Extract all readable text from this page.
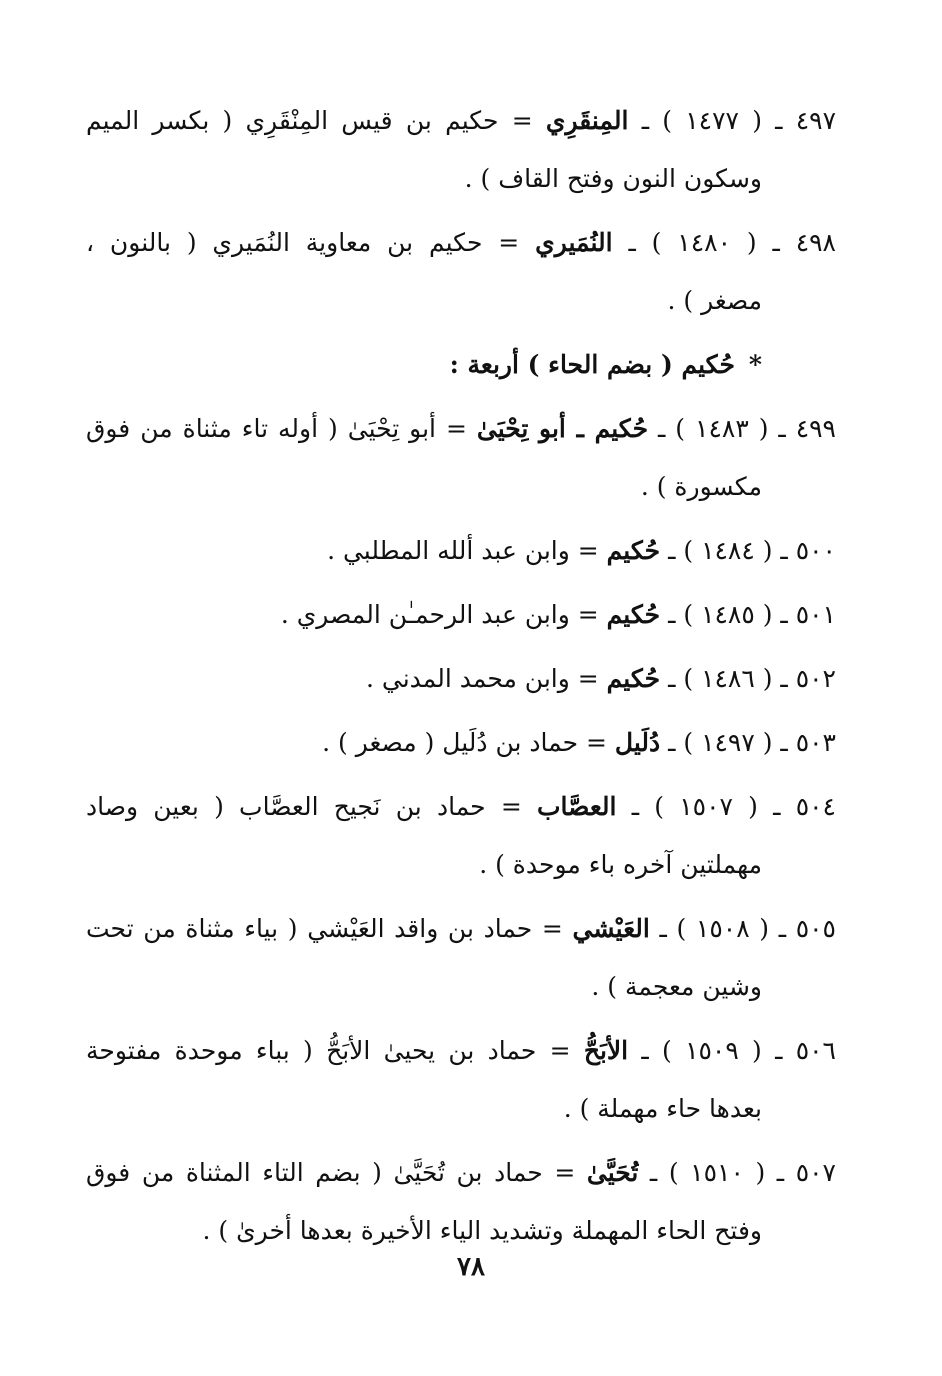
٤٩٧ ـ ( ١٤٧٧ ) ـ المِنقَرِي = حكيم بن قيس المِنْقَرِي ( بكسر الميم
وسكون النون وفتح القاف ) .
٤٩٨ ـ ( ١٤٨٠ ) ـ النُمَيري = حكيم بن معاوية النُمَيري ( بالنون ،
مصغر ) .
*حُكيم ( بضم الحاء ) أربعة :
٤٩٩ ـ ( ١٤٨٣ ) ـ حُكيم ـ أبو تِحْيَىٰ = أبو تِحْيَىٰ ( أوله تاء مثناة من فوق
مكسورة ) .
٥٠٠ ـ ( ١٤٨٤ ) ـ حُكيم = وابن عبد ألله المطلبي .
٥٠١ ـ ( ١٤٨٥ ) ـ حُكيم = وابن عبد الرحمـٰن المصري .
٥٠٢ ـ ( ١٤٨٦ ) ـ حُكيم = وابن محمد المدني .
٥٠٣ ـ ( ١٤٩٧ ) ـ دُلَيل = حماد بن دُلَيل ( مصغر ) .
٥٠٤ ـ ( ١٥٠٧ ) ـ العصَّاب = حماد بن نَجيح العصَّاب ( بعين وصاد
مهملتين آخره باء موحدة ) .
٥٠٥ ـ ( ١٥٠٨ ) ـ العَيْشي = حماد بن واقد العَيْشي ( بياء مثناة من تحت
وشين معجمة ) .
٥٠٦ ـ ( ١٥٠٩ ) ـ الأبَحُّ = حماد بن يحيىٰ الأبَحُّ ( بباء موحدة مفتوحة
بعدها حاء مهملة ) .
٥٠٧ ـ ( ١٥١٠ ) ـ تُحَيَّىٰ = حماد بن تُحَيَّىٰ ( بضم التاء المثناة من فوق
وفتح الحاء المهملة وتشديد الياء الأخيرة بعدها أخرىٰ ) .
٧٨
